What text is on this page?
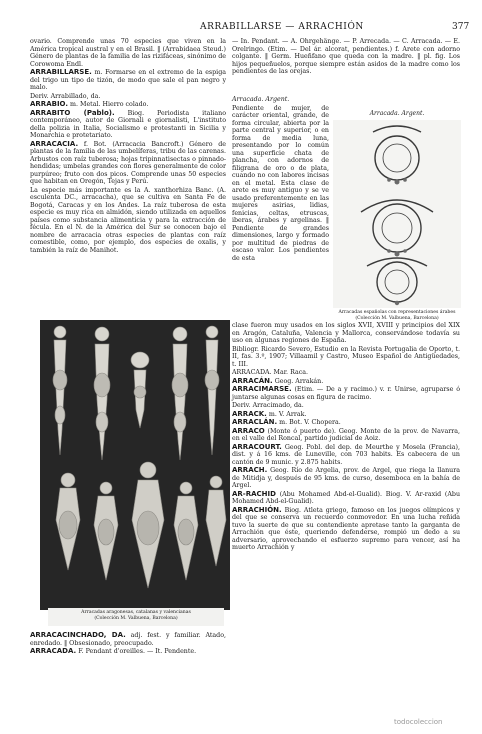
ARRABILLARSE — ARRACHIÓN	377

ovario. Comprende unas 70 especies que viven en la América tropical austral y en el Brasil. ‖ (Arrabidaea Steud.) Género de plantas de la familia de las rizifáceas, sinónimo de Corowoma Endl.

ARRABILLARSE. m. Formarse en el extremo de la espiga del trigo un tipo de tizón, de modo que sale el pan negro y malo.

Deriv. Arrabillado, da.

ARRABIO. m. Metal. Hierro colado.

ARRABITO (Pablo). Biog. Periodista italiano contemporáneo, autor de Giornali e giornalisti, L'instituto della polizia in Italia, Socialismo e protestanti in Sicilia y Monarchia e protetariato.

ARRACACIA. f. Bot. (Arracacia Bancroft.) Género de plantas de la familia de las umbelíferas, tribu de las carenas. Arbustos con raíz tuberosa; hojas tripinnatisectas o pinnado-hendidas; umbelas grandes con flores generalmente de color purpúreo; fruto con dos picos. Comprende unas 50 especies que habitan en Oregón, Tejas y Perú.

La especie más importante es la A. xanthorhiza Banc. (A. esculenta DC., arracacha), que se cultiva en Santa Fe de Bogotá, Caracas y en los Andes. La raíz tuberosa de esta especie es muy rica en almidón, siendo utilizada en aquellos países como substancia alimenticia y para la extracción de fécula. En el N. de la América del Sur se conocen bajo el nombre de arracacia otras especies de plantas con raíz comestible, como, por ejemplo, dos especies de oxalis, y también la raíz de Manihot.

Arracadas aragonesas, catalanas y valencianas
(Colección M. Valbuena, Barcelona)

ARRACACINCHADO, DA. adj. fest. y familiar. Atado, enredado. ‖ Obsesionado, preocupado.

ARRACADA. F. Pendant d'oreilles. — It. Pendente.

— In. Pendant. — A. Ohrgehänge. — P. Arrecada. — C. Arracada. — E. Orelringo. (Etim. — Del ár. alcorat, pendientes.) f. Arete con adorno colgante. ‖ Germ. Hueñfano que queda con la madre. ‖ pl. fig. Los hijos pequeñuelos, porque siempre están asidos de la madre como los pendientes de las orejas.

Arracada. Argent.

Pendiente de mujer, de carácter oriental, grande, de forma circular, abierta por la parte central y superior, o en forma de media luna, presentando por lo común una superficie chata de plancha, con adornos de filigrana de oro o de plata, cuando no con labores incisas en el metal. Esta clase de arete es muy antiguo y se ve usado preferentemente en las mujeres asirias, lidias, fenicias, celtas, etruscas, iberas, árabes y argelinas. ‖ Pendiente de grandes dimensiones, largo y formado por multitud de piedras de escaso valor. Los pendientes de esta

Arracada. Argent.
Arracadas españolas con representaciones árabes (Colección M. Valbuena, Barcelona)

clase fueron muy usados en los siglos XVII, XVIII y principios del XIX en Aragón, Cataluña, Valencia y Mallorca, conservándose todavía su uso en algunas regiones de España.

Bibliogr. Ricardo Severo, Estudio en la Revista Portugalia de Oporto, t. II, fas. 3.º, 1907; Villaamil y Castro, Museo Español de Antigüedades, t. III.

ARRACADA. Mar. Raca.

ARRACÁN. Geog. Arrakán.

ARRACIMARSE. (Etim. — De a y racimo.) v. r. Unirse, agruparse ó juntarse algunas cosas en figura de racimo.

Deriv. Arracimado, da.

ARRACK. m. V. Arrak.

ARRACLÁN. m. Bot. V. Chopera.

ARRACO (Monte ó puerto de). Geog. Monte de la prov. de Navarra, en el valle del Roncal, partido judicial de Aoiz.

ARRACOURT. Geog. Pobl. del dep. de Meurthe y Mosela (Francia), dist. y á 16 kms. de Luneville, con 703 habits. Es cabecera de un cantón de 9 munic. y 2.875 habits.

ARRACH. Geog. Río de Argelia, prov. de Argel, que riega la llanura de Mitidja y, después de 95 kms. de curso, desemboca en la bahía de Argel.

AR-RACHID (Abu Mohamed Abd-el-Gualid). Biog. V. Ar-raxid (Abu Mohamed Abd-el-Gualid).

ARRACHIÓN. Biog. Atleta griego, famoso en los juegos olímpicos y del que se conserva un recuerdo conmovedor. En una lucha reñida tuvo la suerte de que su contendiente apretase tanto la garganta de Arrachión que éste, queriendo defenderse, rompió un dedo a su adversario, aprovechando el esfuerzo supremo para vencer, así ha muerto Arrachión y

todocoleccion
